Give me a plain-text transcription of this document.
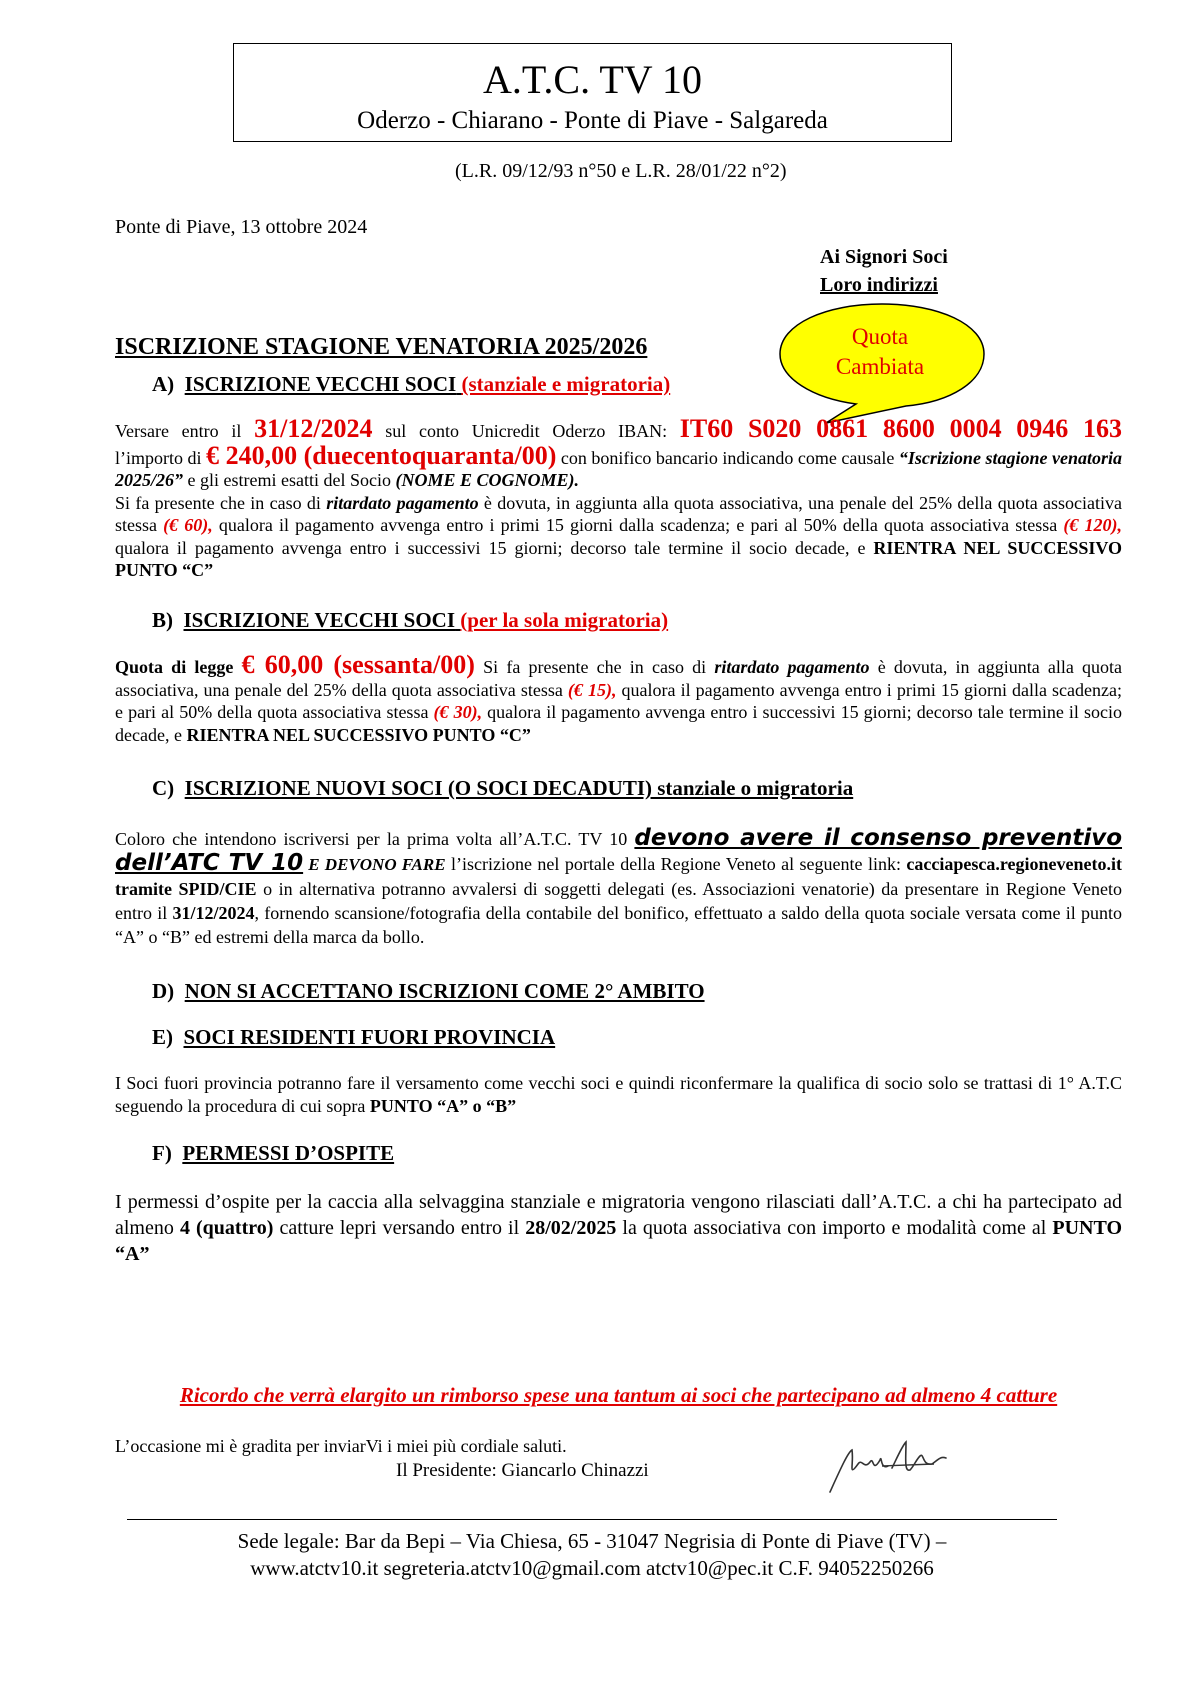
A.T.C. TV 10
Oderzo - Chiarano - Ponte di Piave - Salgareda
(L.R. 09/12/93 n°50 e L.R. 28/01/22 n°2)
Ponte di Piave, 13 ottobre 2024
Ai Signori Soci
Loro indirizzi
ISCRIZIONE STAGIONE VENATORIA 2025/2026	Quota
Cambiata
A) ISCRIZIONE VECCHI SOCI (stanziale e migratoria)
Versare entro il 31/12/2024 sul conto Unicredit Oderzo IBAN: IT60 S020 0861 8600 0004 0946 163
l’importo di € 240,00 (duecentoquaranta/00) con bonifico bancario indicando come causale “Iscrizione stagione venatoria 2025/26” e gli estremi esatti del Socio (NOME E COGNOME).
Si fa presente che in caso di ritardato pagamento è dovuta, in aggiunta alla quota associativa, una penale del 25% della quota associativa stessa (€ 60), qualora il pagamento avvenga entro i primi 15 giorni dalla scadenza; e pari al 50% della quota associativa stessa (€ 120), qualora il pagamento avvenga entro i successivi 15 giorni; decorso tale termine il socio decade, e RIENTRA NEL SUCCESSIVO PUNTO “C”
B) ISCRIZIONE VECCHI SOCI (per la sola migratoria)
Quota di legge € 60,00 (sessanta/00) Si fa presente che in caso di ritardato pagamento è dovuta, in aggiunta alla quota associativa, una penale del 25% della quota associativa stessa (€ 15), qualora il pagamento avvenga entro i primi 15 giorni dalla scadenza; e pari al 50% della quota associativa stessa (€ 30), qualora il pagamento avvenga entro i successivi 15 giorni; decorso tale termine il socio decade, e RIENTRA NEL SUCCESSIVO PUNTO “C”
C) ISCRIZIONE NUOVI SOCI (O SOCI DECADUTI) stanziale o migratoria
Coloro che intendono iscriversi per la prima volta all’A.T.C. TV 10 devono avere il consenso preventivo dell’ATC TV 10 E DEVONO FARE l’iscrizione nel portale della Regione Veneto al seguente link: cacciapesca.regioneveneto.it tramite SPID/CIE o in alternativa potranno avvalersi di soggetti delegati (es. Associazioni venatorie) da presentare in Regione Veneto entro il 31/12/2024, fornendo scansione/fotografia della contabile del bonifico, effettuato a saldo della quota sociale versata come il punto “A” o “B” ed estremi della marca da bollo.
D) NON SI ACCETTANO ISCRIZIONI COME 2° AMBITO
E) SOCI RESIDENTI FUORI PROVINCIA
I Soci fuori provincia potranno fare il versamento come vecchi soci e quindi riconfermare la qualifica di socio solo se trattasi di 1° A.T.C seguendo la procedura di cui sopra PUNTO “A” o “B”
F) PERMESSI D’OSPITE
I permessi d’ospite per la caccia alla selvaggina stanziale e migratoria vengono rilasciati dall’A.T.C. a chi ha partecipato ad almeno 4 (quattro) catture lepri versando entro il 28/02/2025 la quota associativa con importo e modalità come al PUNTO “A”
Ricordo che verrà elargito un rimborso spese una tantum ai soci che partecipano ad almeno 4 catture
L’occasione mi è gradita per inviarVi i miei più cordiale saluti.
Il Presidente: Giancarlo Chinazzi
Sede legale: Bar da Bepi – Via Chiesa, 65 - 31047 Negrisia di Ponte di Piave (TV) –
www.atctv10.it segreteria.atctv10@gmail.com atctv10@pec.it C.F. 94052250266
